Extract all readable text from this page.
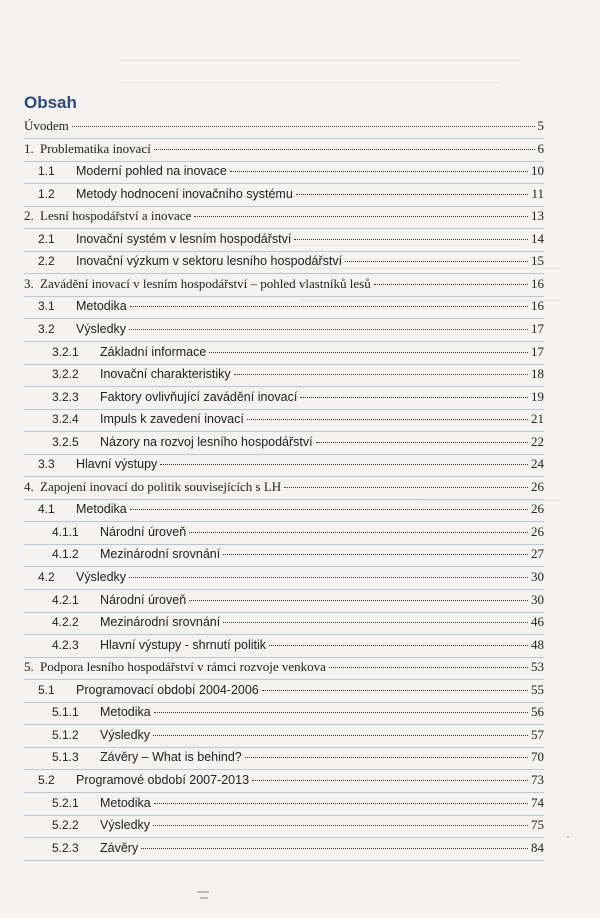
Obsah
Úvodem	5
1. Problematika inovací	6
1.1 Moderní pohled na inovace	10
1.2 Metody hodnocení inovačního systému	11
2. Lesní hospodářství a inovace	13
2.1 Inovační systém v lesním hospodářství	14
2.2 Inovační výzkum v sektoru lesního hospodářství	15
3. Zavádění inovací v lesním hospodářství – pohled vlastníků lesů	16
3.1 Metodika	16
3.2 Výsledky	17
3.2.1 Základní informace	17
3.2.2 Inovační charakteristiky	18
3.2.3 Faktory ovlivňující zavádění inovací	19
3.2.4 Impuls k zavedení inovací	21
3.2.5 Názory na rozvoj lesního hospodářství	22
3.3 Hlavní výstupy	24
4. Zapojení inovací do politik souvisejících s LH	26
4.1 Metodika	26
4.1.1 Národní úroveň	26
4.1.2 Mezinárodní srovnání	27
4.2 Výsledky	30
4.2.1 Národní úroveň	30
4.2.2 Mezinárodní srovnání	46
4.2.3 Hlavní výstupy - shrnutí politik	48
5. Podpora lesního hospodářství v rámci rozvoje venkova	53
5.1 Programovací období 2004-2006	55
5.1.1 Metodika	56
5.1.2 Výsledky	57
5.1.3 Závěry – What is behind?	70
5.2 Programové období 2007-2013	73
5.2.1 Metodika	74
5.2.2 Výsledky	75
5.2.3 Závěry	84
